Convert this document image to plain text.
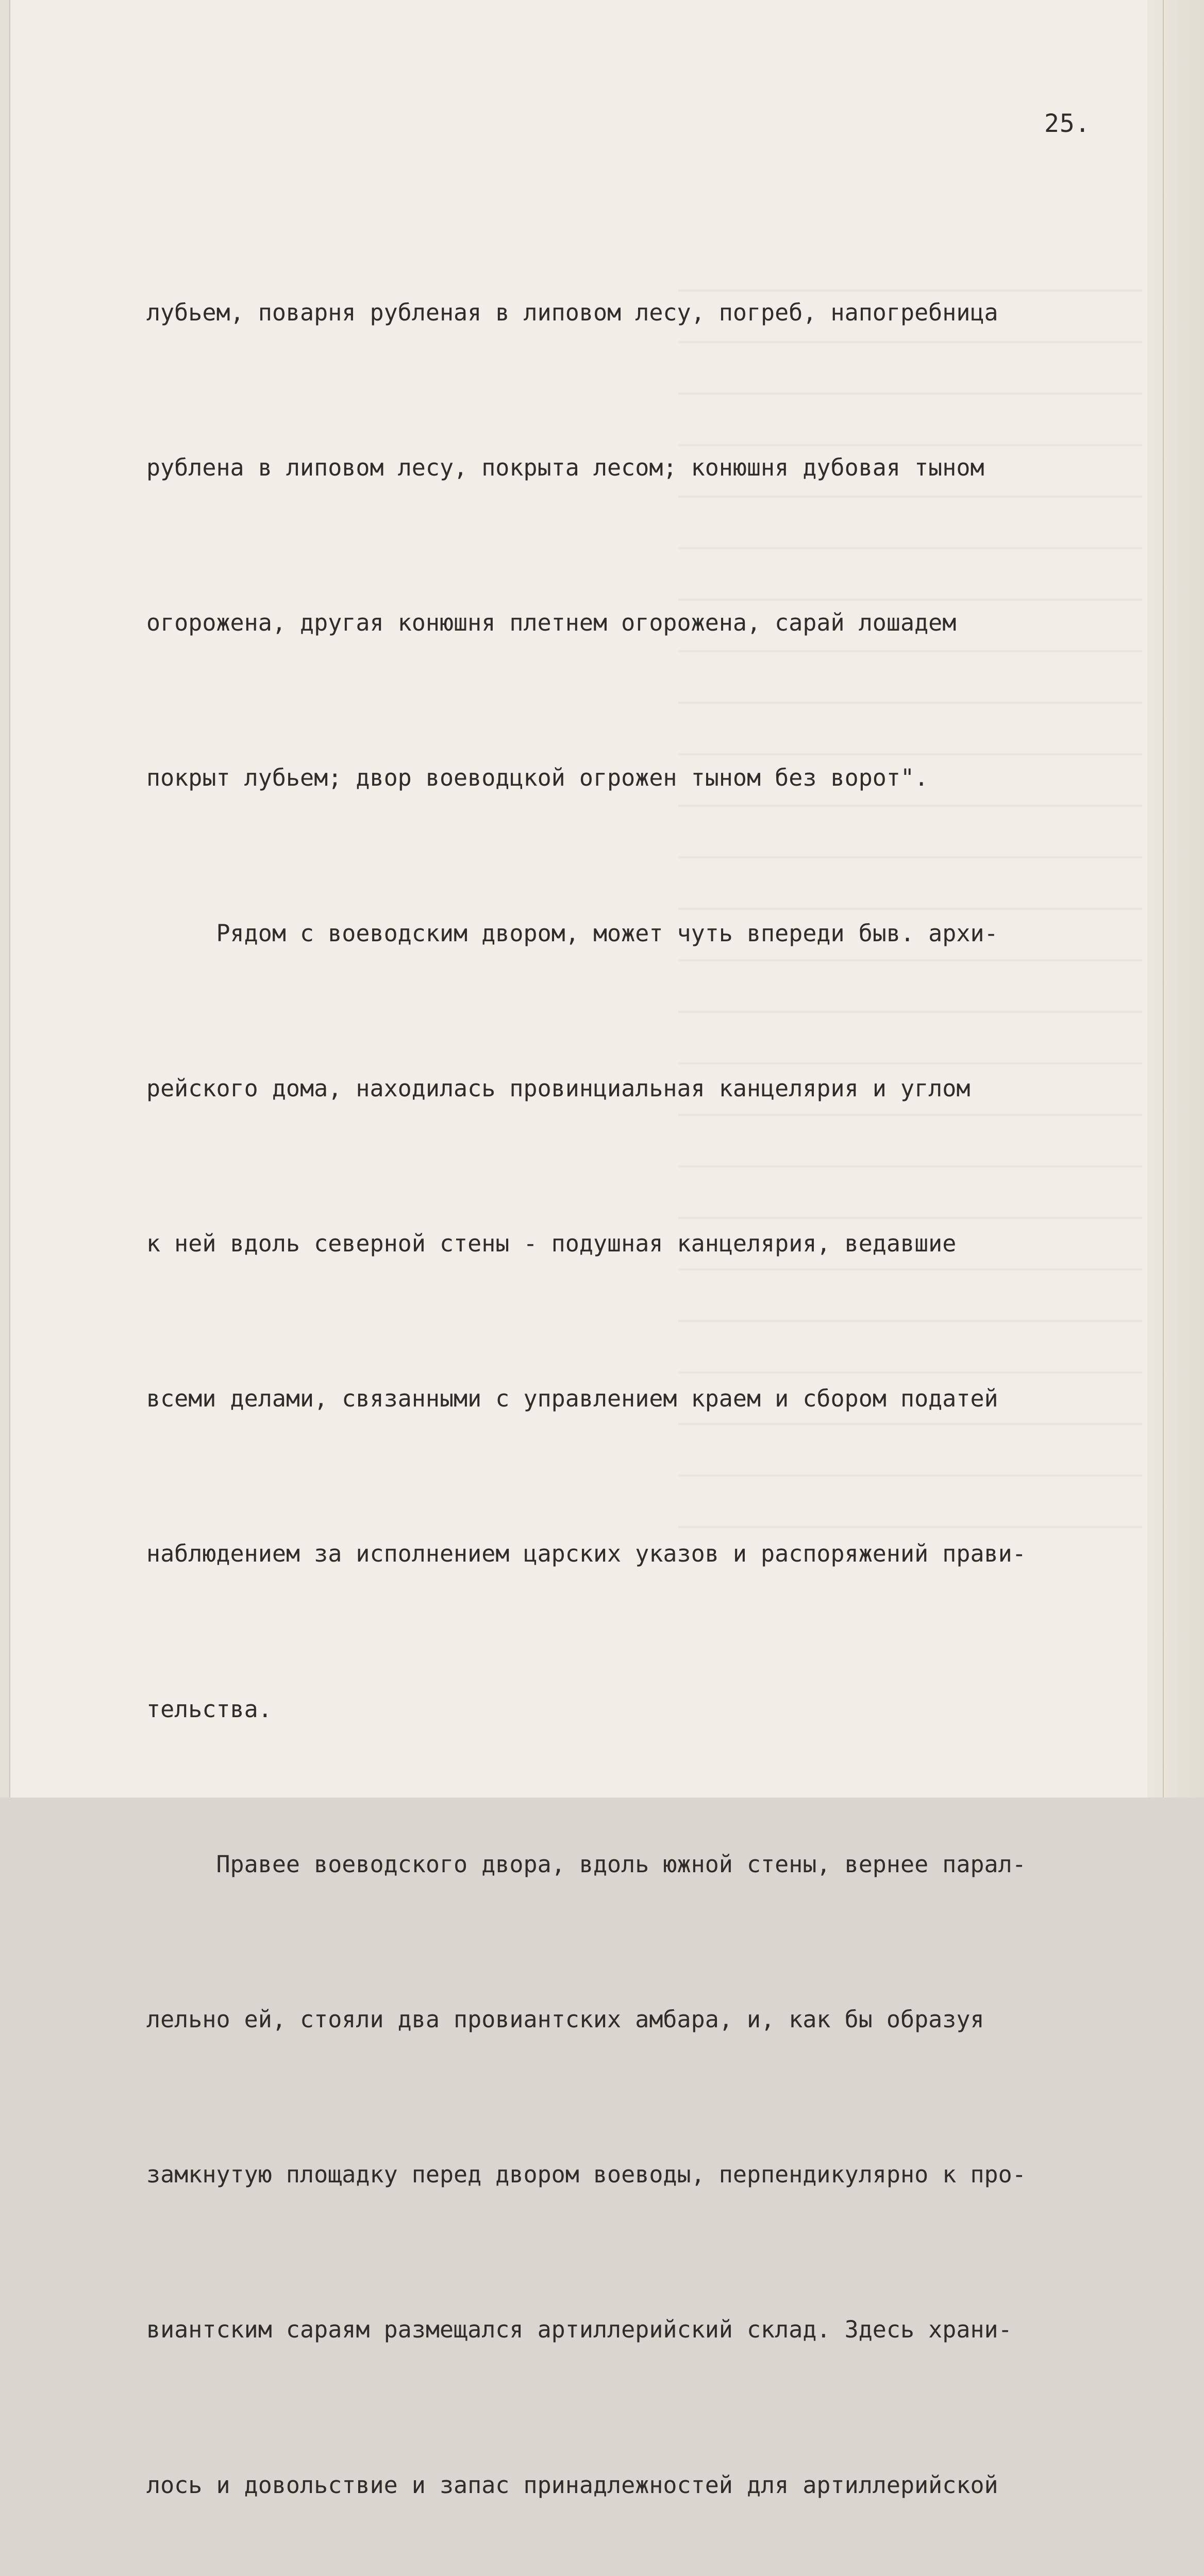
25.

лубьем, поварня рубленая в липовом лесу, погреб, напогребница

рублена в липовом лесу, покрыта лесом; конюшня дубовая тыном

огорожена, другая конюшня плетнем огорожена, сарай лошадем

покрыт лубьем; двор воеводцкой огрожен тыном без ворот".

Рядом с воеводским двором, может чуть впереди быв. архи-

рейского дома, находилась провинциальная канцелярия и углом

к ней вдоль северной стены - подушная канцелярия, ведавшие

всеми делами, связанными с управлением краем и сбором податей

наблюдением за исполнением царских указов и распоряжений прави-

тельства.

Правее воеводского двора, вдоль южной стены, вернее парал-

лельно ей, стояли два провиантских амбара, и, как бы образуя

замкнутую площадку перед двором воеводы, перпендикулярно к про-

виантским сараям размещался артиллерийский склад. Здесь храни-

лось и довольствие и запас принадлежностей для артиллерийской
